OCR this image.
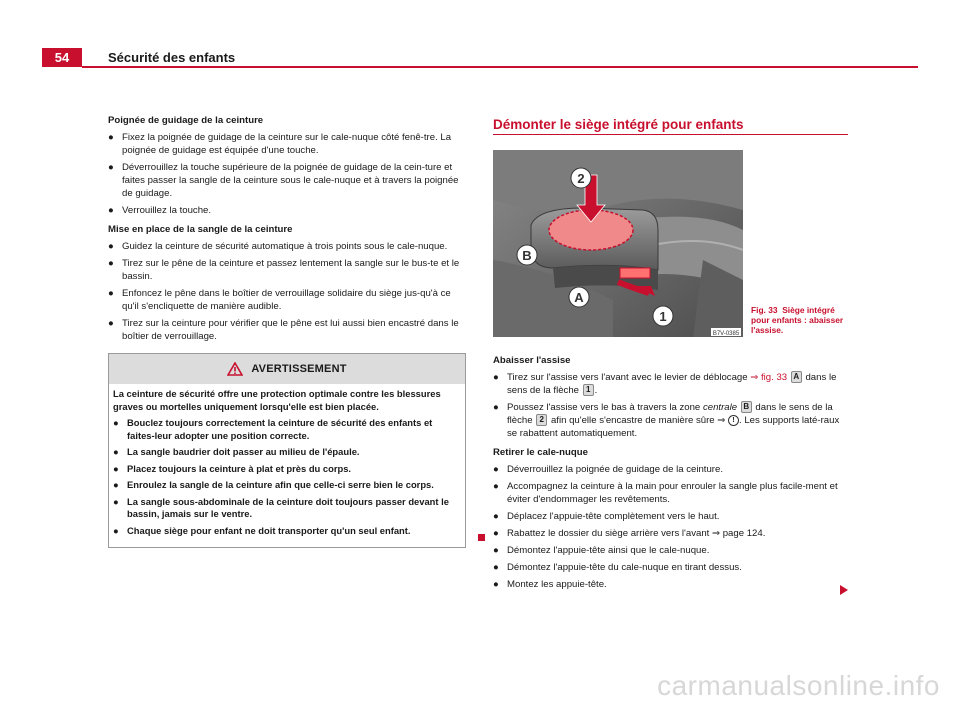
54	Sécurité des enfants
Poignée de guidage de la ceinture
● Fixez la poignée de guidage de la ceinture sur le cale-nuque côté fenê-tre. La poignée de guidage est équipée d'une touche.
● Déverrouillez la touche supérieure de la poignée de guidage de la cein-ture et faites passer la sangle de la ceinture sous le cale-nuque et à travers la poignée de guidage.
● Verrouillez la touche.
Mise en place de la sangle de la ceinture
● Guidez la ceinture de sécurité automatique à trois points sous le cale-nuque.
● Tirez sur le pêne de la ceinture et passez lentement la sangle sur le bus-te et le bassin.
● Enfoncez le pêne dans le boîtier de verrouillage solidaire du siège jus-qu'à ce qu'il s'encliquette de manière audible.
● Tirez sur la ceinture pour vérifier que le pêne est lui aussi bien encastré dans le boîtier de verrouillage.
AVERTISSEMENT
La ceinture de sécurité offre une protection optimale contre les blessures graves ou mortelles uniquement lorsqu'elle est bien placée.
● Bouclez toujours correctement la ceinture de sécurité des enfants et faites-leur adopter une position correcte.
● La sangle baudrier doit passer au milieu de l'épaule.
● Placez toujours la ceinture à plat et près du corps.
● Enroulez la sangle de la ceinture afin que celle-ci serre bien le corps.
● La sangle sous-abdominale de la ceinture doit toujours passer devant le bassin, jamais sur le ventre.
● Chaque siège pour enfant ne doit transporter qu'un seul enfant.
Démonter le siège intégré pour enfants
2
B
A
1
B7V-0385
Fig. 33 Siège intégré pour enfants : abaisser l'assise.
Abaisser l'assise
● Tirez sur l'assise vers l'avant avec le levier de déblocage ⇒ fig. 33 A dans le sens de la flèche 1 .
● Poussez l'assise vers le bas à travers la zone centrale B dans le sens de la flèche 2 afin qu'elle s'encastre de manière sûre ⇒ ! . Les supports laté-raux se rabattent automatiquement.
Retirer le cale-nuque
● Déverrouillez la poignée de guidage de la ceinture.
● Accompagnez la ceinture à la main pour enrouler la sangle plus facile-ment et éviter d'endommager les revêtements.
● Déplacez l'appuie-tête complètement vers le haut.
● Rabattez le dossier du siège arrière vers l'avant ⇒ page 124.
● Démontez l'appuie-tête ainsi que le cale-nuque.
● Démontez l'appuie-tête du cale-nuque en tirant dessus.
● Montez les appuie-tête.
carmanualsonline.info
